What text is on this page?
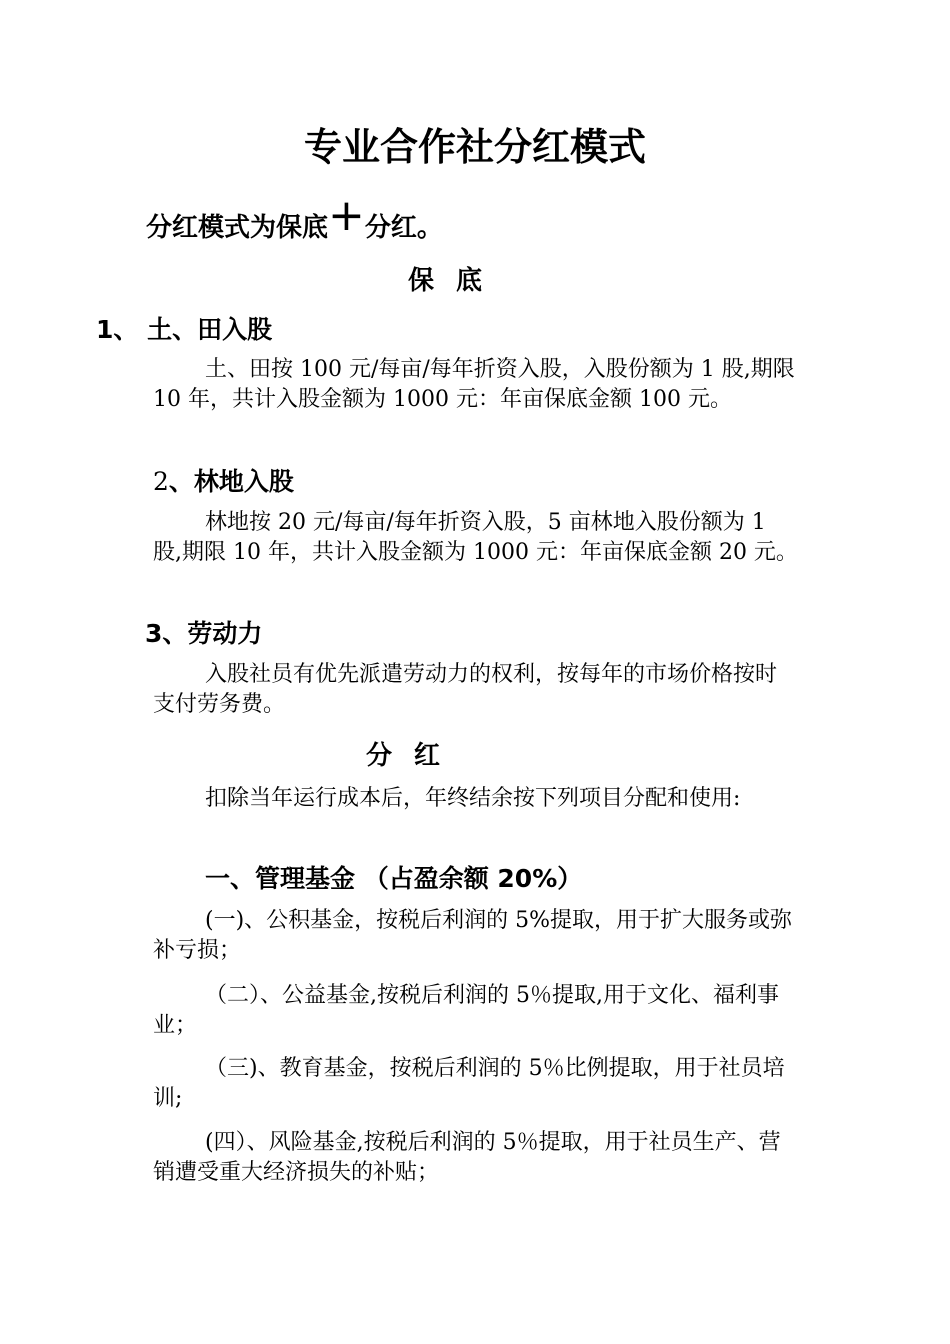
专业合作社分红模式
分红模式为保底+分红。
保底
1、 土、田入股
土、田按 100 元/每亩/每年折资入股，入股份额为 1 股,期限 10 年，共计入股金额为 1000 元：年亩保底金额 100 元。
2、林地入股
林地按 20 元/每亩/每年折资入股，5 亩林地入股份额为 1 股,期限 10 年，共计入股金额为 1000 元：年亩保底金额 20 元。
3、劳动力
入股社员有优先派遣劳动力的权利，按每年的市场价格按时支付劳务费。
分红
扣除当年运行成本后，年终结余按下列项目分配和使用:
一、管理基金 （占盈余额 20%）
(一)、公积基金，按税后利润的 5%提取，用于扩大服务或弥补亏损；
（二）、公益基金,按税后利润的 5％提取,用于文化、福利事业；
（三)、教育基金，按税后利润的 5％比例提取，用于社员培训;
(四）、风险基金,按税后利润的 5％提取，用于社员生产、营销遭受重大经济损失的补贴；
